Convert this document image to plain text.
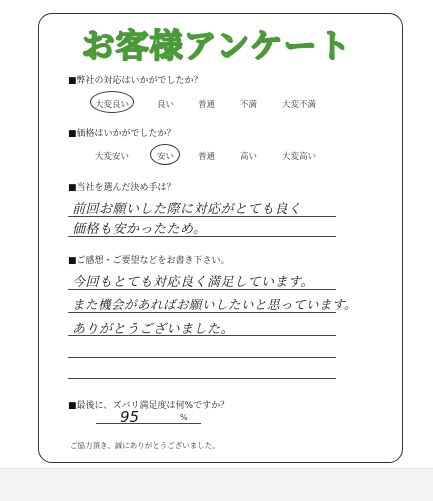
お客様アンケート
■弊社の対応はいかがでしたか？
大変良い	良い	普通	不満	大変不満
■価格はいかがでしたか？
大変安い	安い	普通	高い	大変高い
■当社を選んだ決め手は？
前回お願いした際に対応がとても良く
価格も安かったため。
■ご感想・ご要望などをお書き下さい。
今回もとても対応良く満足しています。
また機会があればお願いしたいと思っています。
ありがとうございました。
■最後に、ズバリ満足度は何%ですか？
95	%
ご協力頂き、誠にありがとうございました。
